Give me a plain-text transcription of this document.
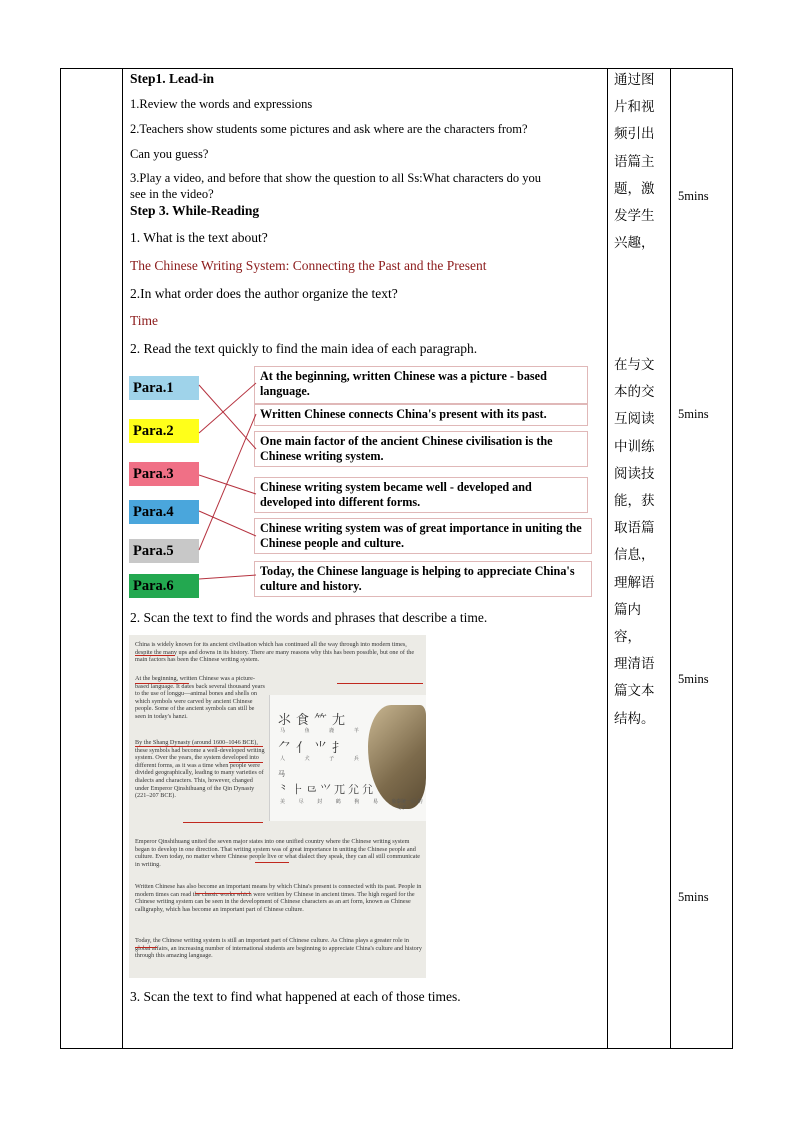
Step1. Lead-in
1.Review the words and expressions
2.Teachers show students some pictures and ask where are the characters from?
Can you guess?
3.Play a video, and before that show the question to all Ss:What characters do you
see in the video?
Step 3. While-Reading
1. What is the text about?
The Chinese Writing System: Connecting the Past and the Present
2.In what order does the author organize the text?
Time
2. Read the text quickly to find the main idea of each paragraph.
Para.1
Para.2
Para.3
Para.4
Para.5
Para.6
At the beginning, written Chinese was a picture - based language.
Written Chinese connects China's present with its past.
One main factor of the ancient Chinese civilisation is the Chinese writing system.
Chinese writing system became well - developed and developed into different forms.
Chinese writing system was of great importance in uniting the Chinese people and culture.
Today, the Chinese language is helping to appreciate China's culture and history.
2. Scan the text to find the words and phrases that describe a time.
China is widely known for its ancient civilisation which has continued all the way through into modern times, despite the many ups and downs in its history. There are many reasons why this has been possible, but one of the main factors has been the Chinese writing system.
At the beginning, written Chinese was a picture-based language. It dates back several thousand years to the use of longgu—animal bones and shells on which symbols were carved by ancient Chinese people. Some of the ancient symbols can still be seen in today's hanzi.
By the Shang Dynasty (around 1600–1046 BCE), these symbols had become a well-developed writing system. Over the years, the system developed into different forms, as it was a time when people were divided geographically, leading to many varieties of dialects and characters. This, however, changed under Emperor Qinshihuang of the Qin Dynasty (221–207 BCE).
Emperor Qinshihuang united the seven major states into one unified country where the Chinese writing system began to develop in one direction. That writing system was of great importance in uniting the Chinese people and culture. Even today, no matter where Chinese people live or what dialect they speak, they can all still communicate in writing.
Written Chinese has also become an important means by which China's present is connected with its past. People in modern times can read the classic works which were written by Chinese in ancient times. The high regard for the Chinese writing system can be seen in the development of Chinese characters as an art form, known as Chinese calligraphy, which has become an important part of Chinese culture.
Today, the Chinese writing system is still an important part of Chinese culture. As China plays a greater role in global affairs, an increasing number of international students are beginning to appreciate China's culture and history through this amazing language.
⺢⻝⺮⺐
马 鱼 鹿 羊
⺈⺅⺌⺘
人 犬 子 兵
马
⺀⺊⺋⺍⺎⺏⺑
美 尽 封 鹤 狗 易 象
秦统一后 的文字
3. Scan the text to find what happened at each of those times.
通过图
片和视
频引出
语篇主
题，激
发学生
兴趣，
在与文
本的交
互阅读
中训练
阅读技
能，获
取语篇
信息，
理解语
篇内容，
理清语
篇文本
结构。
5mins
5mins
5mins
5mins
